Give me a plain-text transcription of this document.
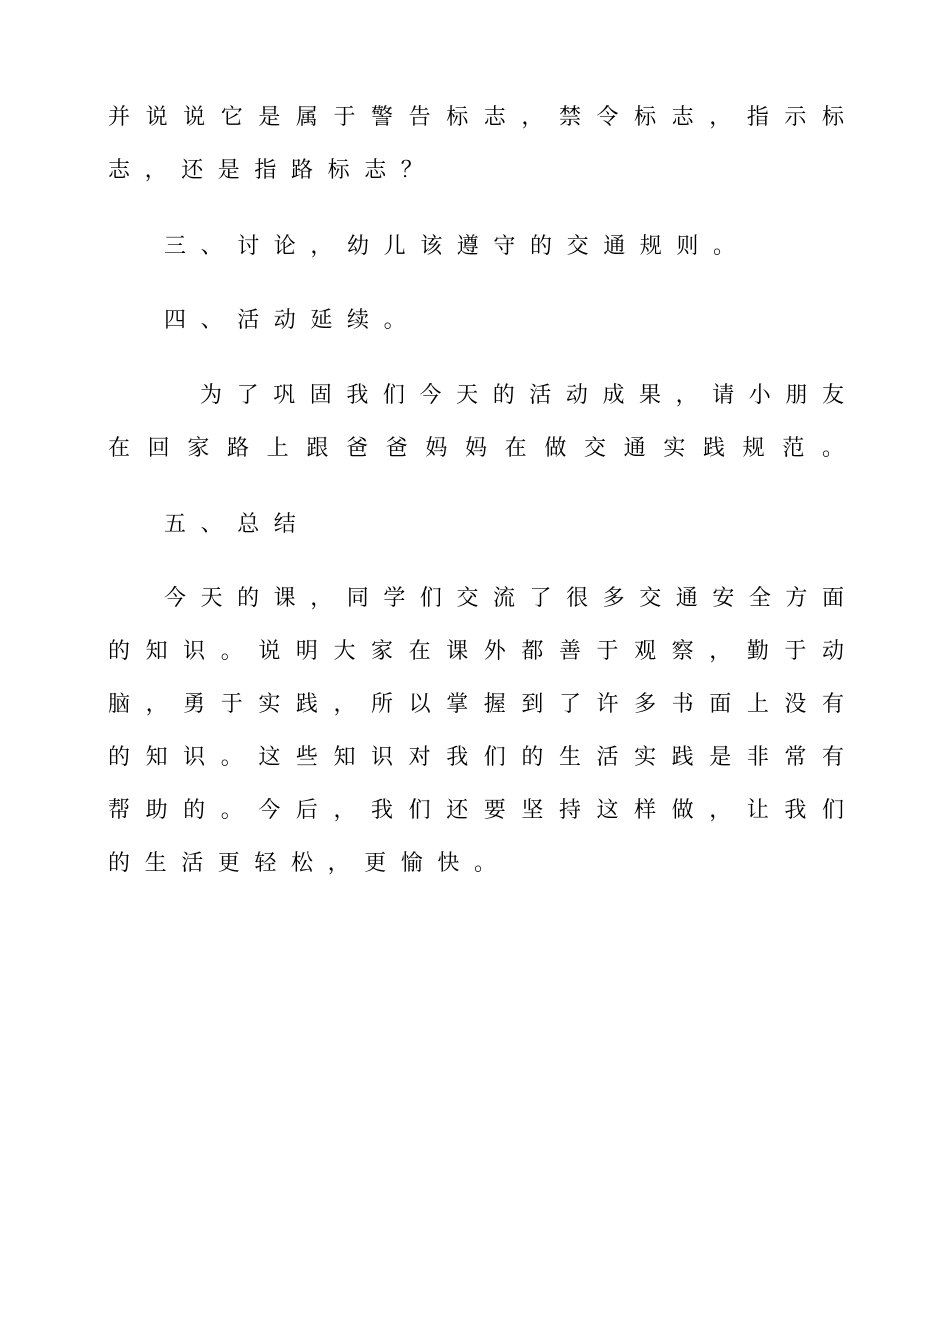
并说说它是属于警告标志，禁令标志，指示标
志，还是指路标志？
三、讨论，幼儿该遵守的交通规则。
四、活动延续。
为了巩固我们今天的活动成果，请小朋友
在回家路上跟爸爸妈妈在做交通实践规范。
五、总结
今天的课，同学们交流了很多交通安全方面
的知识。说明大家在课外都善于观察，勤于动
脑，勇于实践，所以掌握到了许多书面上没有
的知识。这些知识对我们的生活实践是非常有
帮助的。今后，我们还要坚持这样做，让我们
的生活更轻松，更愉快。
